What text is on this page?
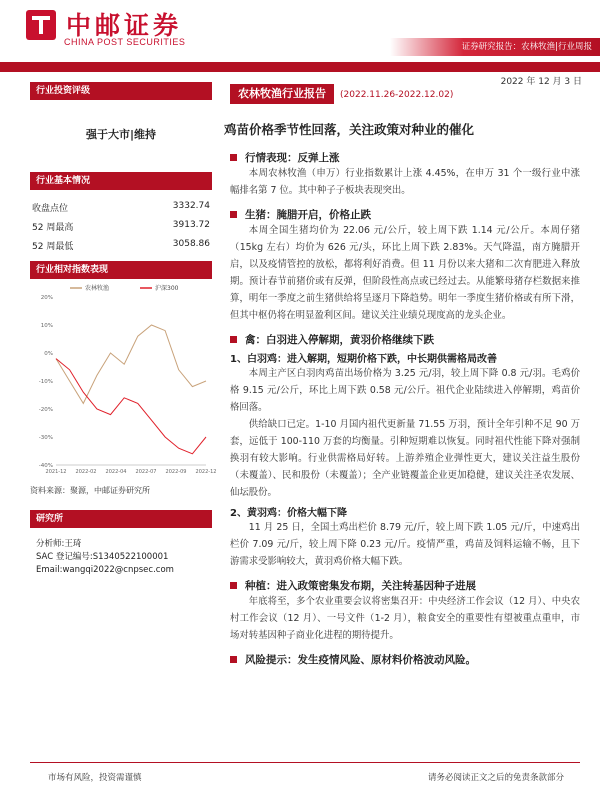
中邮证券
CHINA POST SECURITIES	证券研究报告：农林牧渔|行业周报
2022 年 12 月 3 日
行业投资评级
强于大市|维持
行业基本情况
收盘点位	3332.74
52 周最高	3913.72
52 周最低	3058.86
行业相对指数表现
20%
10%
0%
-10%
-20%
-30%
-40%
2021-12 2022-02 2022-04 2022-07 2022-09 2022-12
农林牧渔	沪深300
资料来源：聚源，中邮证券研究所
研究所
分析师:王琦
SAC 登记编号:S1340522100001
Email:wangqi2022@cnpsec.com
农林牧渔行业报告 (2022.11.26-2022.12.02)
鸡苗价格季节性回落，关注政策对种业的催化
行情表现：反弹上涨

本周农林牧渔（申万）行业指数累计上涨 4.45%，在申万 31 个一级行业中涨幅排名第 7 位。其中种子子板块表现突出。

生猪：腌腊开启，价格止跌

本周全国生猪均价为 22.06 元/公斤，较上周下跌 1.14 元/公斤。本周仔猪（15kg 左右）均价为 626 元/头，环比上周下跌 2.83%。天气降温，南方腌腊开启，以及疫情管控的放松，都将利好消费。但 11 月份以来大猪和二次育肥进入释放期。预计春节前猪价或有反弹，但阶段性高点或已经过去。从能繁母猪存栏数据来推算，明年一季度之前生猪供给将呈逐月下降趋势。明年一季度生猪价格或有所下滑，但其中枢仍将在明显盈利区间。建议关注业绩兑现度高的龙头企业。

禽：白羽进入停解期，黄羽价格继续下跌
1、白羽鸡：进入解期，短期价格下跌，中长期供需格局改善

本周主产区白羽肉鸡苗出场价格为 3.25 元/羽，较上周下降 0.8 元/羽。毛鸡价格 9.15 元/公斤，环比上周下跌 0.58 元/公斤。祖代企业陆续进入停解期，鸡苗价格回落。

供给缺口已定。1-10 月国内祖代更新量 71.55 万羽，预计全年引种不足 90 万套，远低于 100-110 万套的均衡量。引种短期难以恢复。同时祖代性能下降对强制换羽有较大影响。行业供需格局好转。上游养殖企业弹性更大，建议关注益生股份（未覆盖）、民和股份（未覆盖）；全产业链覆盖企业更加稳健，建议关注圣农发展、仙坛股份。

2、黄羽鸡：价格大幅下降

11 月 25 日，全国土鸡出栏价 8.79 元/斤，较上周下跌 1.05 元/斤，中速鸡出栏价 7.09 元/斤，较上周下降 0.23 元/斤。疫情严重，鸡苗及饲料运输不畅，且下游需求受影响较大，黄羽鸡价格大幅下跌。

种植：进入政策密集发布期，关注转基因种子进展

年底将至，多个农业重要会议将密集召开：中央经济工作会议（12 月）、中央农村工作会议（12 月）、一号文件（1-2 月），粮食安全的重要性有望被重点重申，市场对转基因种子商业化进程的期待提升。

风险提示：发生疫情风险、原材料价格波动风险。
市场有风险，投资需谨慎	请务必阅读正文之后的免责条款部分
